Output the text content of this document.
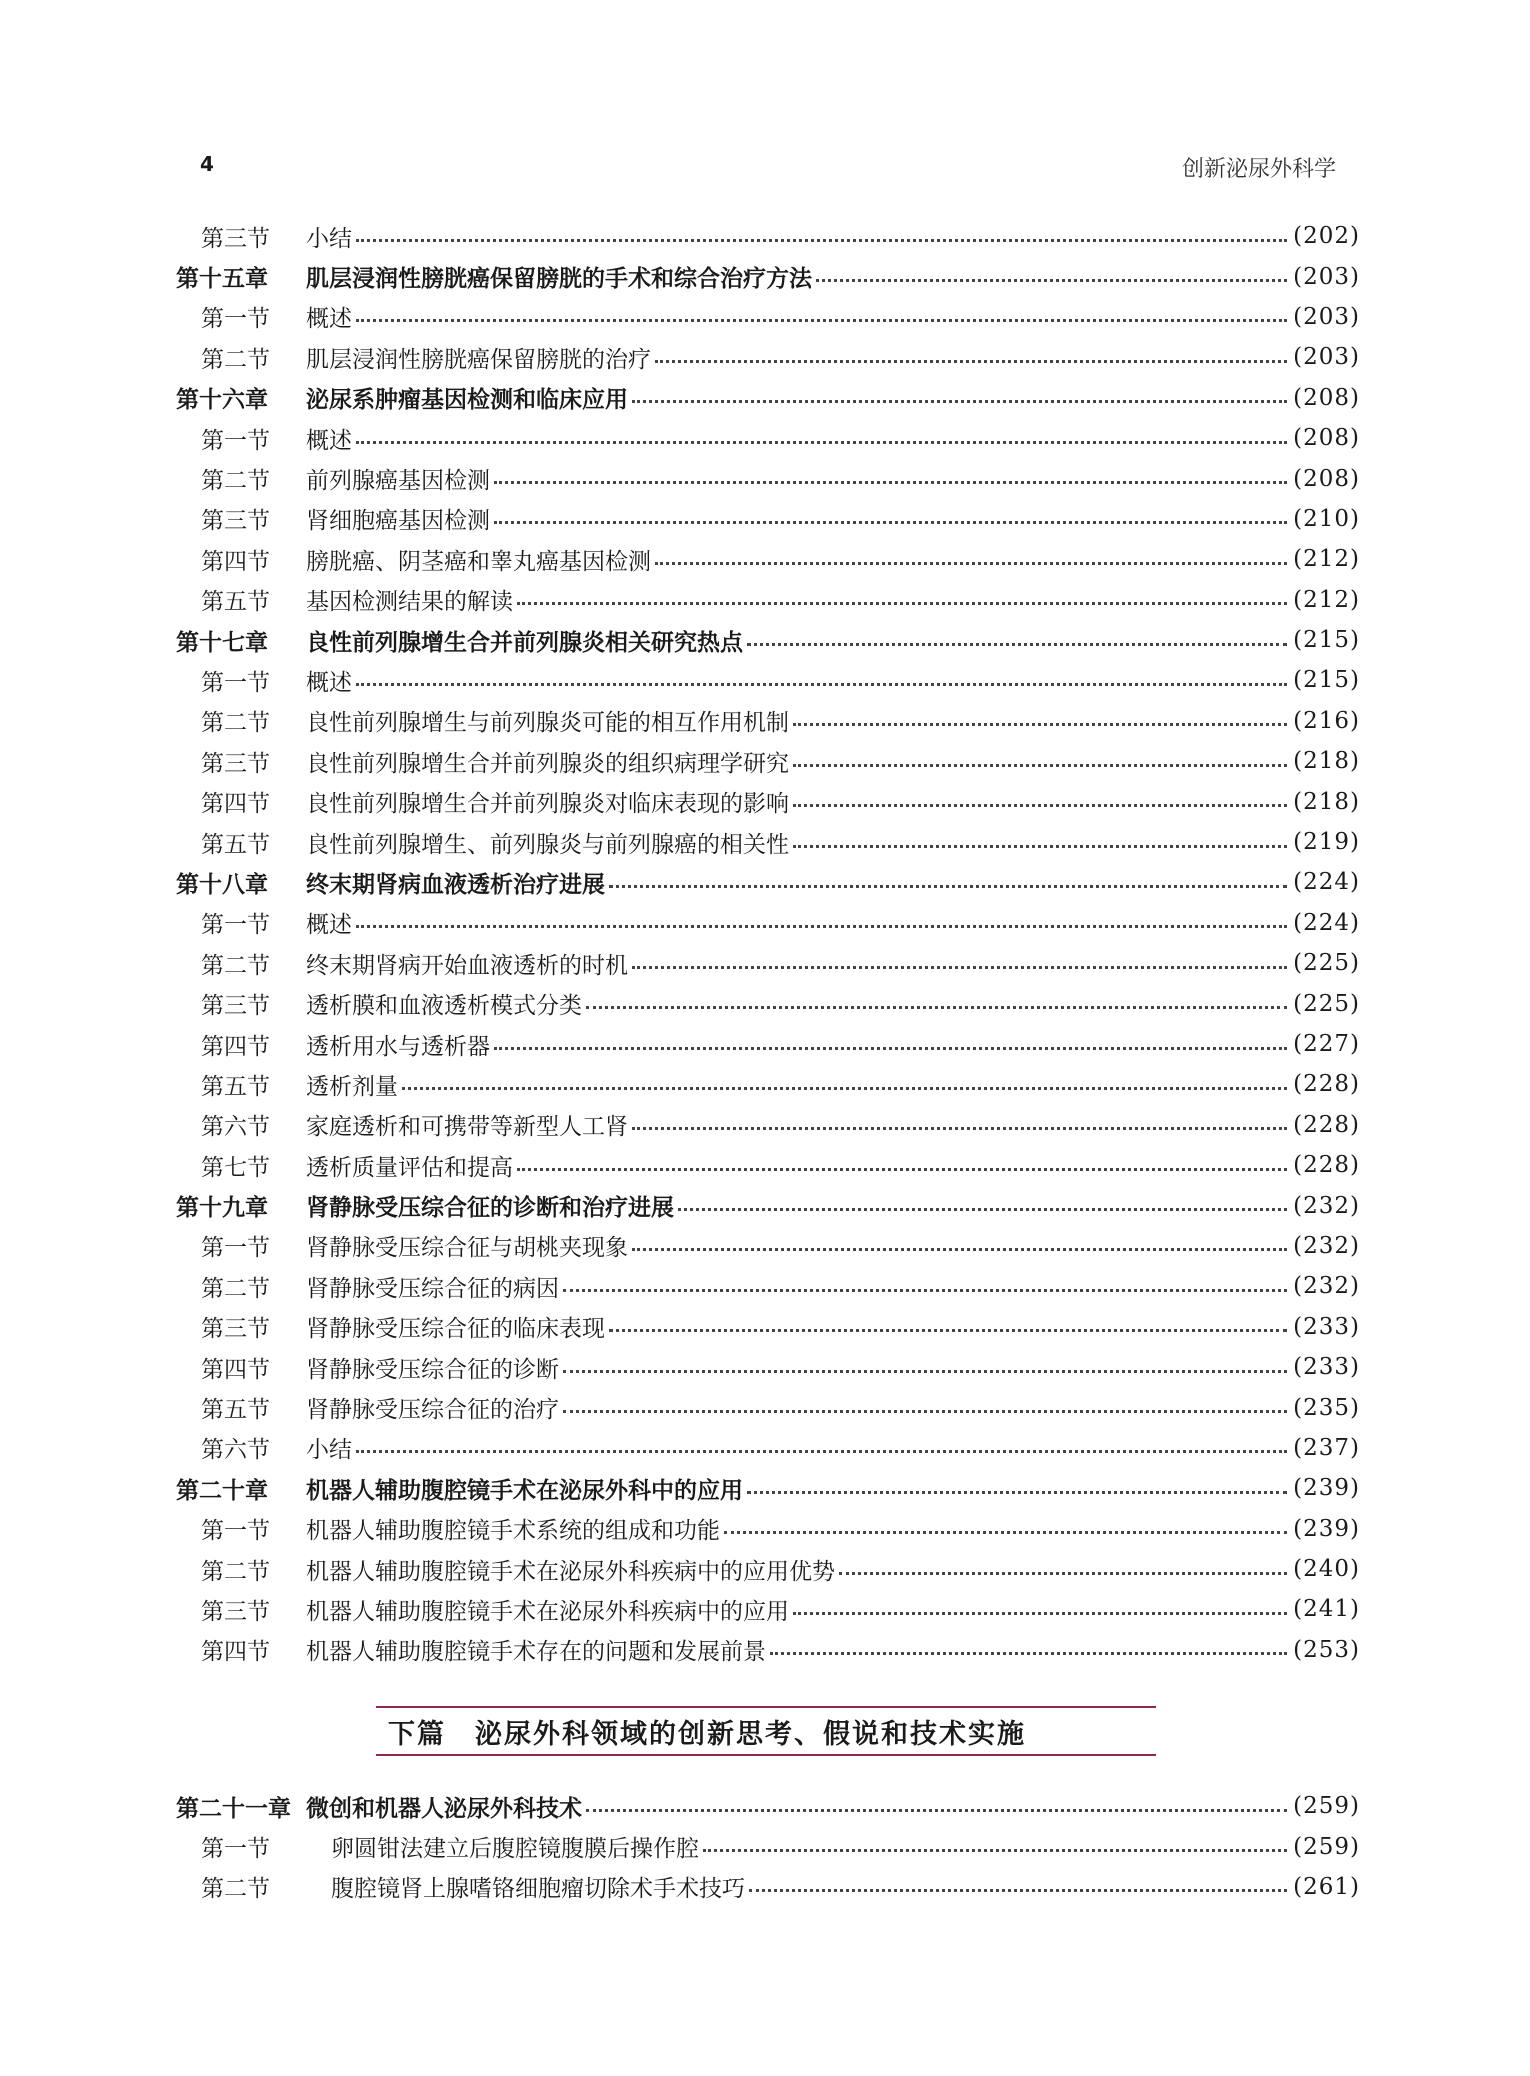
4	创新泌尿外科学
第三节	小结	(202)
第十五章	肌层浸润性膀胱癌保留膀胱的手术和综合治疗方法	(203)
第一节	概述	(203)
第二节	肌层浸润性膀胱癌保留膀胱的治疗	(203)
第十六章	泌尿系肿瘤基因检测和临床应用	(208)
第一节	概述	(208)
第二节	前列腺癌基因检测	(208)
第三节	肾细胞癌基因检测	(210)
第四节	膀胱癌、阴茎癌和睾丸癌基因检测	(212)
第五节	基因检测结果的解读	(212)
第十七章	良性前列腺增生合并前列腺炎相关研究热点	(215)
第一节	概述	(215)
第二节	良性前列腺增生与前列腺炎可能的相互作用机制	(216)
第三节	良性前列腺增生合并前列腺炎的组织病理学研究	(218)
第四节	良性前列腺增生合并前列腺炎对临床表现的影响	(218)
第五节	良性前列腺增生、前列腺炎与前列腺癌的相关性	(219)
第十八章	终末期肾病血液透析治疗进展	(224)
第一节	概述	(224)
第二节	终末期肾病开始血液透析的时机	(225)
第三节	透析膜和血液透析模式分类	(225)
第四节	透析用水与透析器	(227)
第五节	透析剂量	(228)
第六节	家庭透析和可携带等新型人工肾	(228)
第七节	透析质量评估和提高	(228)
第十九章	肾静脉受压综合征的诊断和治疗进展	(232)
第一节	肾静脉受压综合征与胡桃夹现象	(232)
第二节	肾静脉受压综合征的病因	(232)
第三节	肾静脉受压综合征的临床表现	(233)
第四节	肾静脉受压综合征的诊断	(233)
第五节	肾静脉受压综合征的治疗	(235)
第六节	小结	(237)
第二十章	机器人辅助腹腔镜手术在泌尿外科中的应用	(239)
第一节	机器人辅助腹腔镜手术系统的组成和功能	(239)
第二节	机器人辅助腹腔镜手术在泌尿外科疾病中的应用优势	(240)
第三节	机器人辅助腹腔镜手术在泌尿外科疾病中的应用	(241)
第四节	机器人辅助腹腔镜手术存在的问题和发展前景	(253)
下篇  泌尿外科领域的创新思考、假说和技术实施
第二十一章 微创和机器人泌尿外科技术	(259)
第一节	卵圆钳法建立后腹腔镜腹膜后操作腔	(259)
第二节	腹腔镜肾上腺嗜铬细胞瘤切除术手术技巧	(261)
